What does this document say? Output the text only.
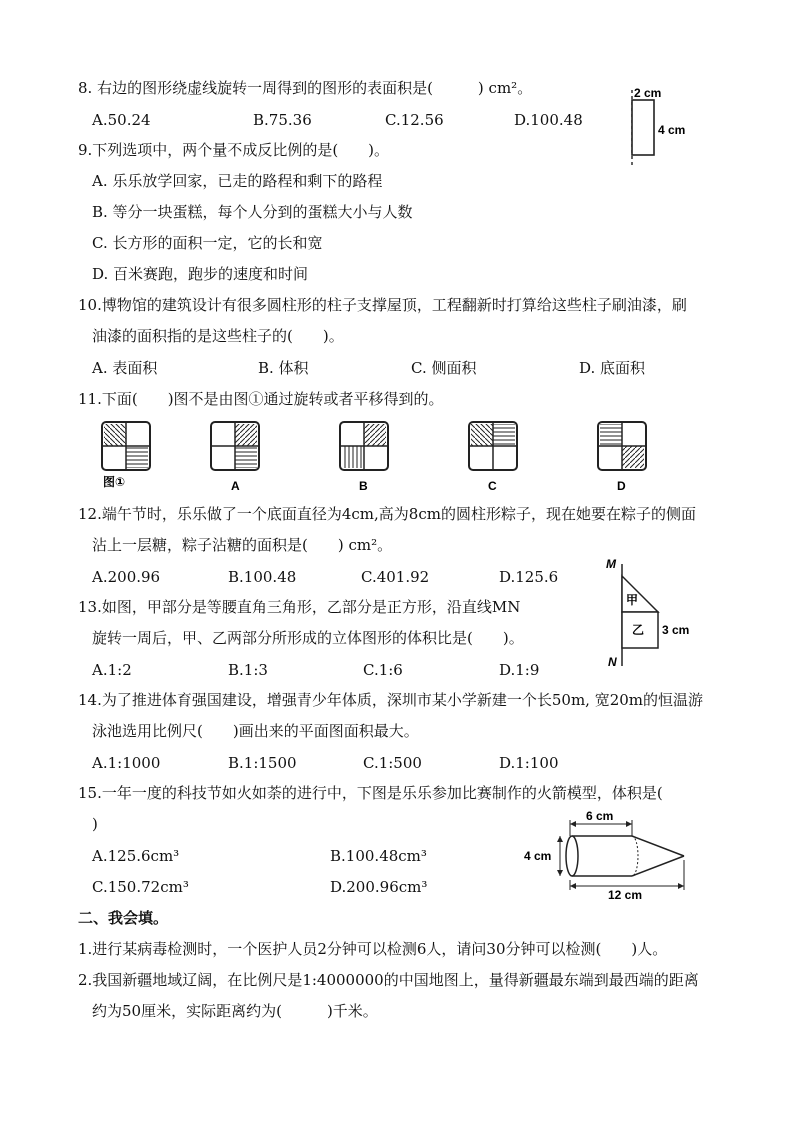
8. 右边的图形绕虚线旋转一周得到的图形的表面积是(　　　) cm²。
A.50.24	B.75.36	C.12.56	D.100.48
2 cm
4 cm
9.下列选项中，两个量不成反比例的是(　　)。
A. 乐乐放学回家，已走的路程和剩下的路程
B. 等分一块蛋糕，每个人分到的蛋糕大小与人数
C. 长方形的面积一定，它的长和宽
D. 百米赛跑，跑步的速度和时间
10.博物馆的建筑设计有很多圆柱形的柱子支撑屋顶，工程翻新时打算给这些柱子刷油漆，刷
油漆的面积指的是这些柱子的(　　)。
A. 表面积	B. 体积	C. 侧面积	D. 底面积
11.下面(　　)图不是由图①通过旋转或者平移得到的。
图①	A	B	C	D
12.端午节时，乐乐做了一个底面直径为4cm,高为8cm的圆柱形粽子，现在她要在粽子的侧面
沾上一层糖，粽子沾糖的面积是(　　) cm²。
A.200.96	B.100.48	C.401.92	D.125.6
M
N
甲
乙 3 cm
13.如图，甲部分是等腰直角三角形，乙部分是正方形，沿直线MN
旋转一周后，甲、乙两部分所形成的立体图形的体积比是(　　)。
A.1:2	B.1:3	C.1:6	D.1:9
14.为了推进体育强国建设，增强青少年体质，深圳市某小学新建一个长50m, 宽20m的恒温游
泳池选用比例尺(　　)画出来的平面图面积最大。
A.1:1000	B.1:1500	C.1:500	D.1:100
15.一年一度的科技节如火如荼的进行中，下图是乐乐参加比赛制作的火箭模型，体积是(
)
A.125.6cm³	B.100.48cm³
C.150.72cm³	D.200.96cm³
6 cm
4 cm
12 cm
二、我会填。
1.进行某病毒检测时，一个医护人员2分钟可以检测6人，请问30分钟可以检测(　　)人。
2.我国新疆地域辽阔，在比例尺是1:4000000的中国地图上，量得新疆最东端到最西端的距离
约为50厘米，实际距离约为(　　　)千米。
